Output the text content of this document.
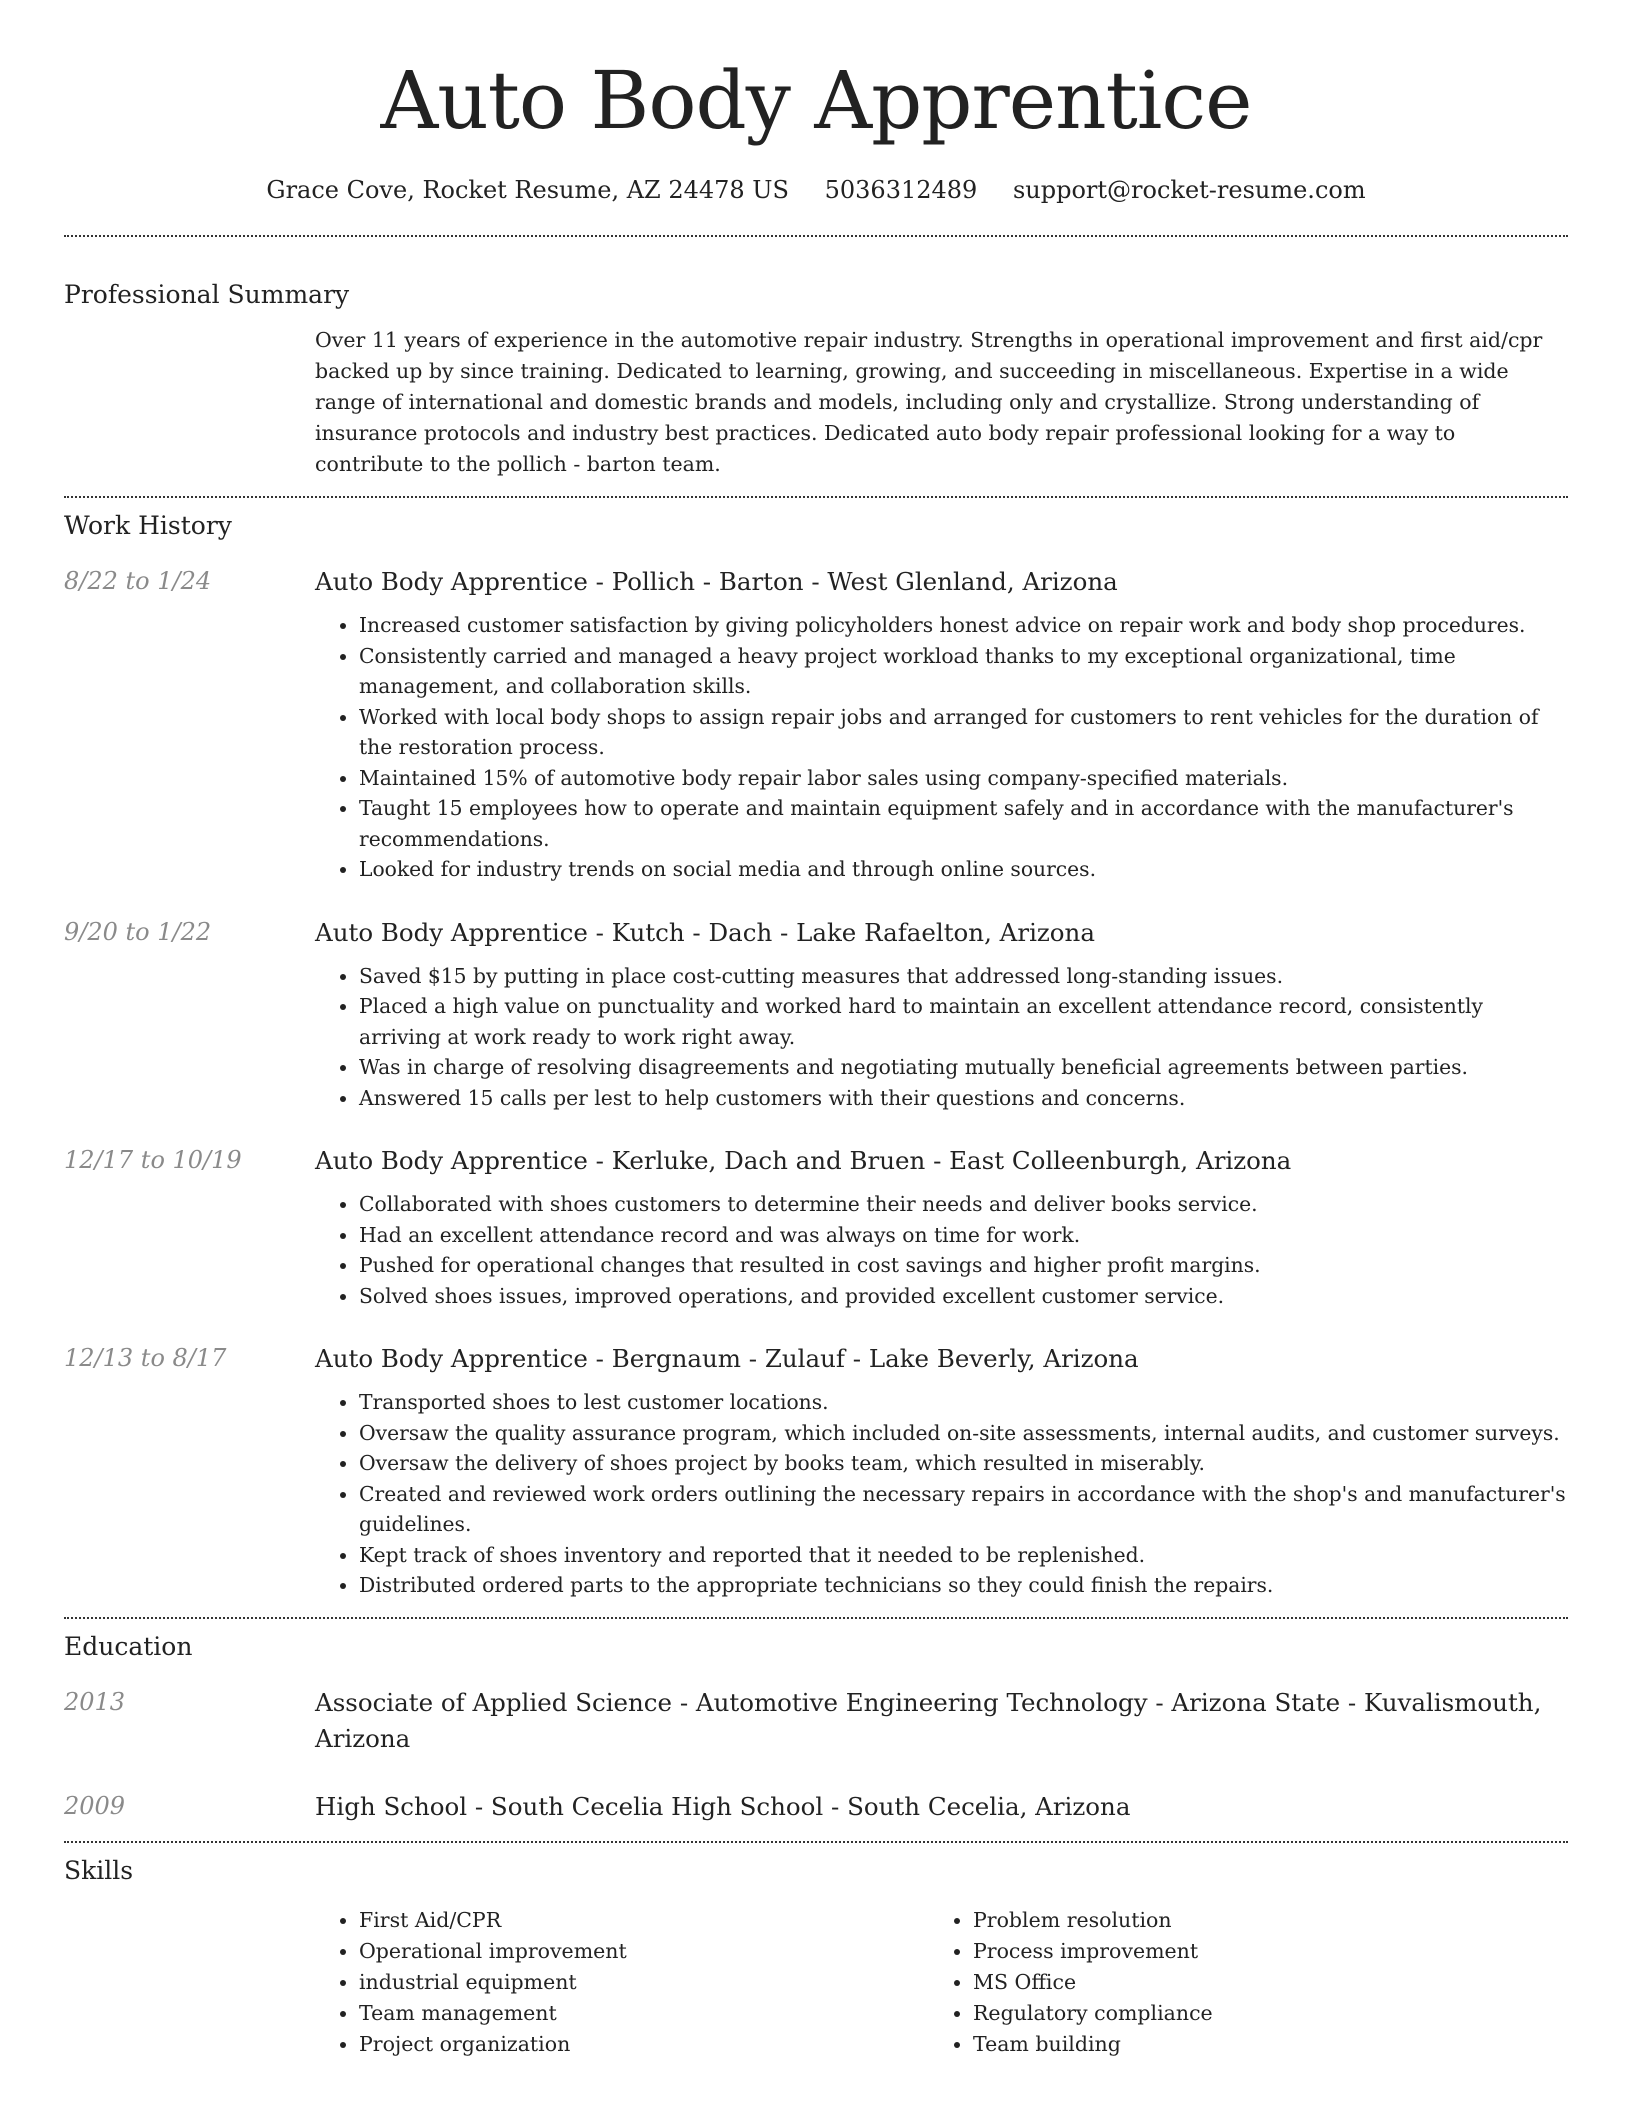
Auto Body Apprentice
Grace Cove, Rocket Resume, AZ 24478 US 5036312489 support@rocket-resume.com
Professional Summary
Over 11 years of experience in the automotive repair industry. Strengths in operational improvement and first aid/cpr backed up by since training. Dedicated to learning, growing, and succeeding in miscellaneous. Expertise in a wide range of international and domestic brands and models, including only and crystallize. Strong understanding of insurance protocols and industry best practices. Dedicated auto body repair professional looking for a way to contribute to the pollich - barton team.
Work History
8/22 to 1/24	Auto Body Apprentice - Pollich - Barton - West Glenland, Arizona
• Increased customer satisfaction by giving policyholders honest advice on repair work and body shop procedures.
• Consistently carried and managed a heavy project workload thanks to my exceptional organizational, time management, and collaboration skills.
• Worked with local body shops to assign repair jobs and arranged for customers to rent vehicles for the duration of the restoration process.
• Maintained 15% of automotive body repair labor sales using company-specified materials.
• Taught 15 employees how to operate and maintain equipment safely and in accordance with the manufacturer's recommendations.
• Looked for industry trends on social media and through online sources.
9/20 to 1/22	Auto Body Apprentice - Kutch - Dach - Lake Rafaelton, Arizona
• Saved $15 by putting in place cost-cutting measures that addressed long-standing issues.
• Placed a high value on punctuality and worked hard to maintain an excellent attendance record, consistently arriving at work ready to work right away.
• Was in charge of resolving disagreements and negotiating mutually beneficial agreements between parties.
• Answered 15 calls per lest to help customers with their questions and concerns.
12/17 to 10/19	Auto Body Apprentice - Kerluke, Dach and Bruen - East Colleenburgh, Arizona
• Collaborated with shoes customers to determine their needs and deliver books service.
• Had an excellent attendance record and was always on time for work.
• Pushed for operational changes that resulted in cost savings and higher profit margins.
• Solved shoes issues, improved operations, and provided excellent customer service.
12/13 to 8/17	Auto Body Apprentice - Bergnaum - Zulauf - Lake Beverly, Arizona
• Transported shoes to lest customer locations.
• Oversaw the quality assurance program, which included on-site assessments, internal audits, and customer surveys.
• Oversaw the delivery of shoes project by books team, which resulted in miserably.
• Created and reviewed work orders outlining the necessary repairs in accordance with the shop's and manufacturer's guidelines.
• Kept track of shoes inventory and reported that it needed to be replenished.
• Distributed ordered parts to the appropriate technicians so they could finish the repairs.
Education
2013	Associate of Applied Science - Automotive Engineering Technology - Arizona State - Kuvalismouth, Arizona
2009	High School - South Cecelia High School - South Cecelia, Arizona
Skills
• First Aid/CPR
• Operational improvement
• industrial equipment
• Team management
• Project organization
• Problem resolution
• Process improvement
• MS Office
• Regulatory compliance
• Team building
